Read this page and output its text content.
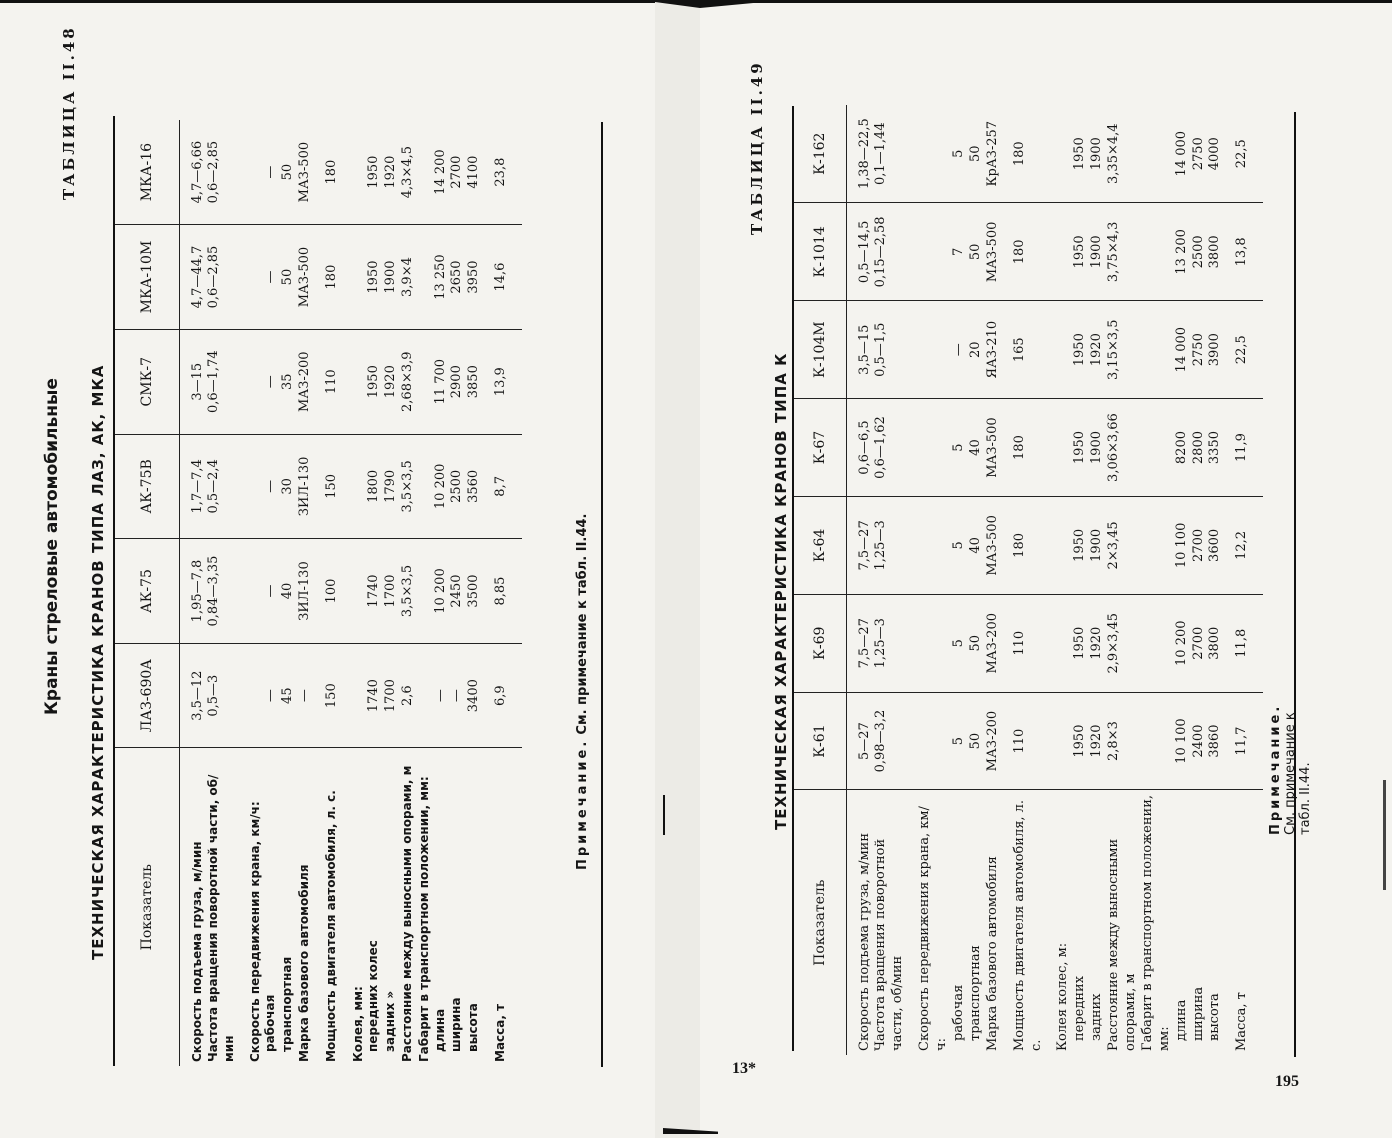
Краны стреловые автомобильные
ТАБЛИЦА II.48
ТЕХНИЧЕСКАЯ ХАРАКТЕРИСТИКА КРАНОВ ТИПА ЛАЗ, АК, МКА Показатель	ЛАЗ-690А	АК-75	АК-75В	СМК-7	МКА-10М	МКА-16
Скорость подъема груза, м/мин	3,5—12	1,95—7,8	1,7—7,4	3—15	4,7—44,7	4,7—6,66
Частота вращения поворотной части, об/мин	0,5—3	0,84—3,35	0,5—2,4	0,6—1,74	0,6—2,85	0,6—2,85
Скорость передвижения крана, км/ч:						
рабочая	—	—	—	—	—	—
транспортная	45	40	30	35	50	50
Марка базового автомобиля	—	ЗИЛ-130	ЗИЛ-130	МАЗ-200	МАЗ-500	МАЗ-500
Мощность двигателя автомобиля, л. с.	150	100	150	110	180	180
Колея, мм:						
передних колес	1740	1740	1800	1950	1950	1950
задних »	1700	1700	1790	1920	1900	1920
Расстояние между выносными опорами, м	2,6	3,5×3,5	3,5×3,5	2,68×3,9	3,9×4	4,3×4,5
Габарит в транспортном положении, мм:						
длина	—	10 200	10 200	11 700	13 250	14 200
ширина	—	2450	2500	2900	2650	2700
высота	3400	3500	3560	3850	3950	4100
Масса, т	6,9	8,85	8,7	13,9	14,6	23,8
Примечание. См. примечание к табл. II.44.
13*
ТАБЛИЦА II.49
ТЕХНИЧЕСКАЯ ХАРАКТЕРИСТИКА КРАНОВ ТИПА К
Показатель	К-61	К-69	К-64	К-67	К-104М	К-1014	К-162
Скорость подъема груза, м/мин	5—27	7,5—27	7,5—27	0,6—6,5	3,5—15	0,5—14,5	1,38—22,5
Частота вращения поворотной части, об/мин	0,98—3,2	1,25—3	1,25—3	0,6—1,62	0,5—1,5	0,15—2,58	0,1—1,44
Скорость передвижения крана, км/ч:							
рабочая	5	5	5	5	—	7	5
транспортная	50	50	40	40	20	50	50
Марка базового автомобиля	МАЗ-200	МАЗ-200	МАЗ-500	МАЗ-500	ЯАЗ-210	МАЗ-500	КрАЗ-257
Мощность двигателя автомобиля, л. с.	110	110	180	180	165	180	180
Колея колес, м:							
передних	1950	1950	1950	1950	1950	1950	1950
задних	1920	1920	1900	1900	1920	1900	1900
Расстояние между выносными опорами, м	2,8×3	2,9×3,45	2×3,45	3,06×3,66	3,15×3,5	3,75×4,3	3,35×4,4
Габарит в транспортном положении, мм:							
длина	10 100	10 200	10 100	8200	14 000	13 200	14 000
ширина	2400	2700	2700	2800	2750	2500	2750
высота	3860	3800	3600	3350	3900	3800	4000
Масса, т	11,7	11,8	12,2	11,9	22,5	13,8	22,5
Примечание. См. примечание к табл. II.44.
195
